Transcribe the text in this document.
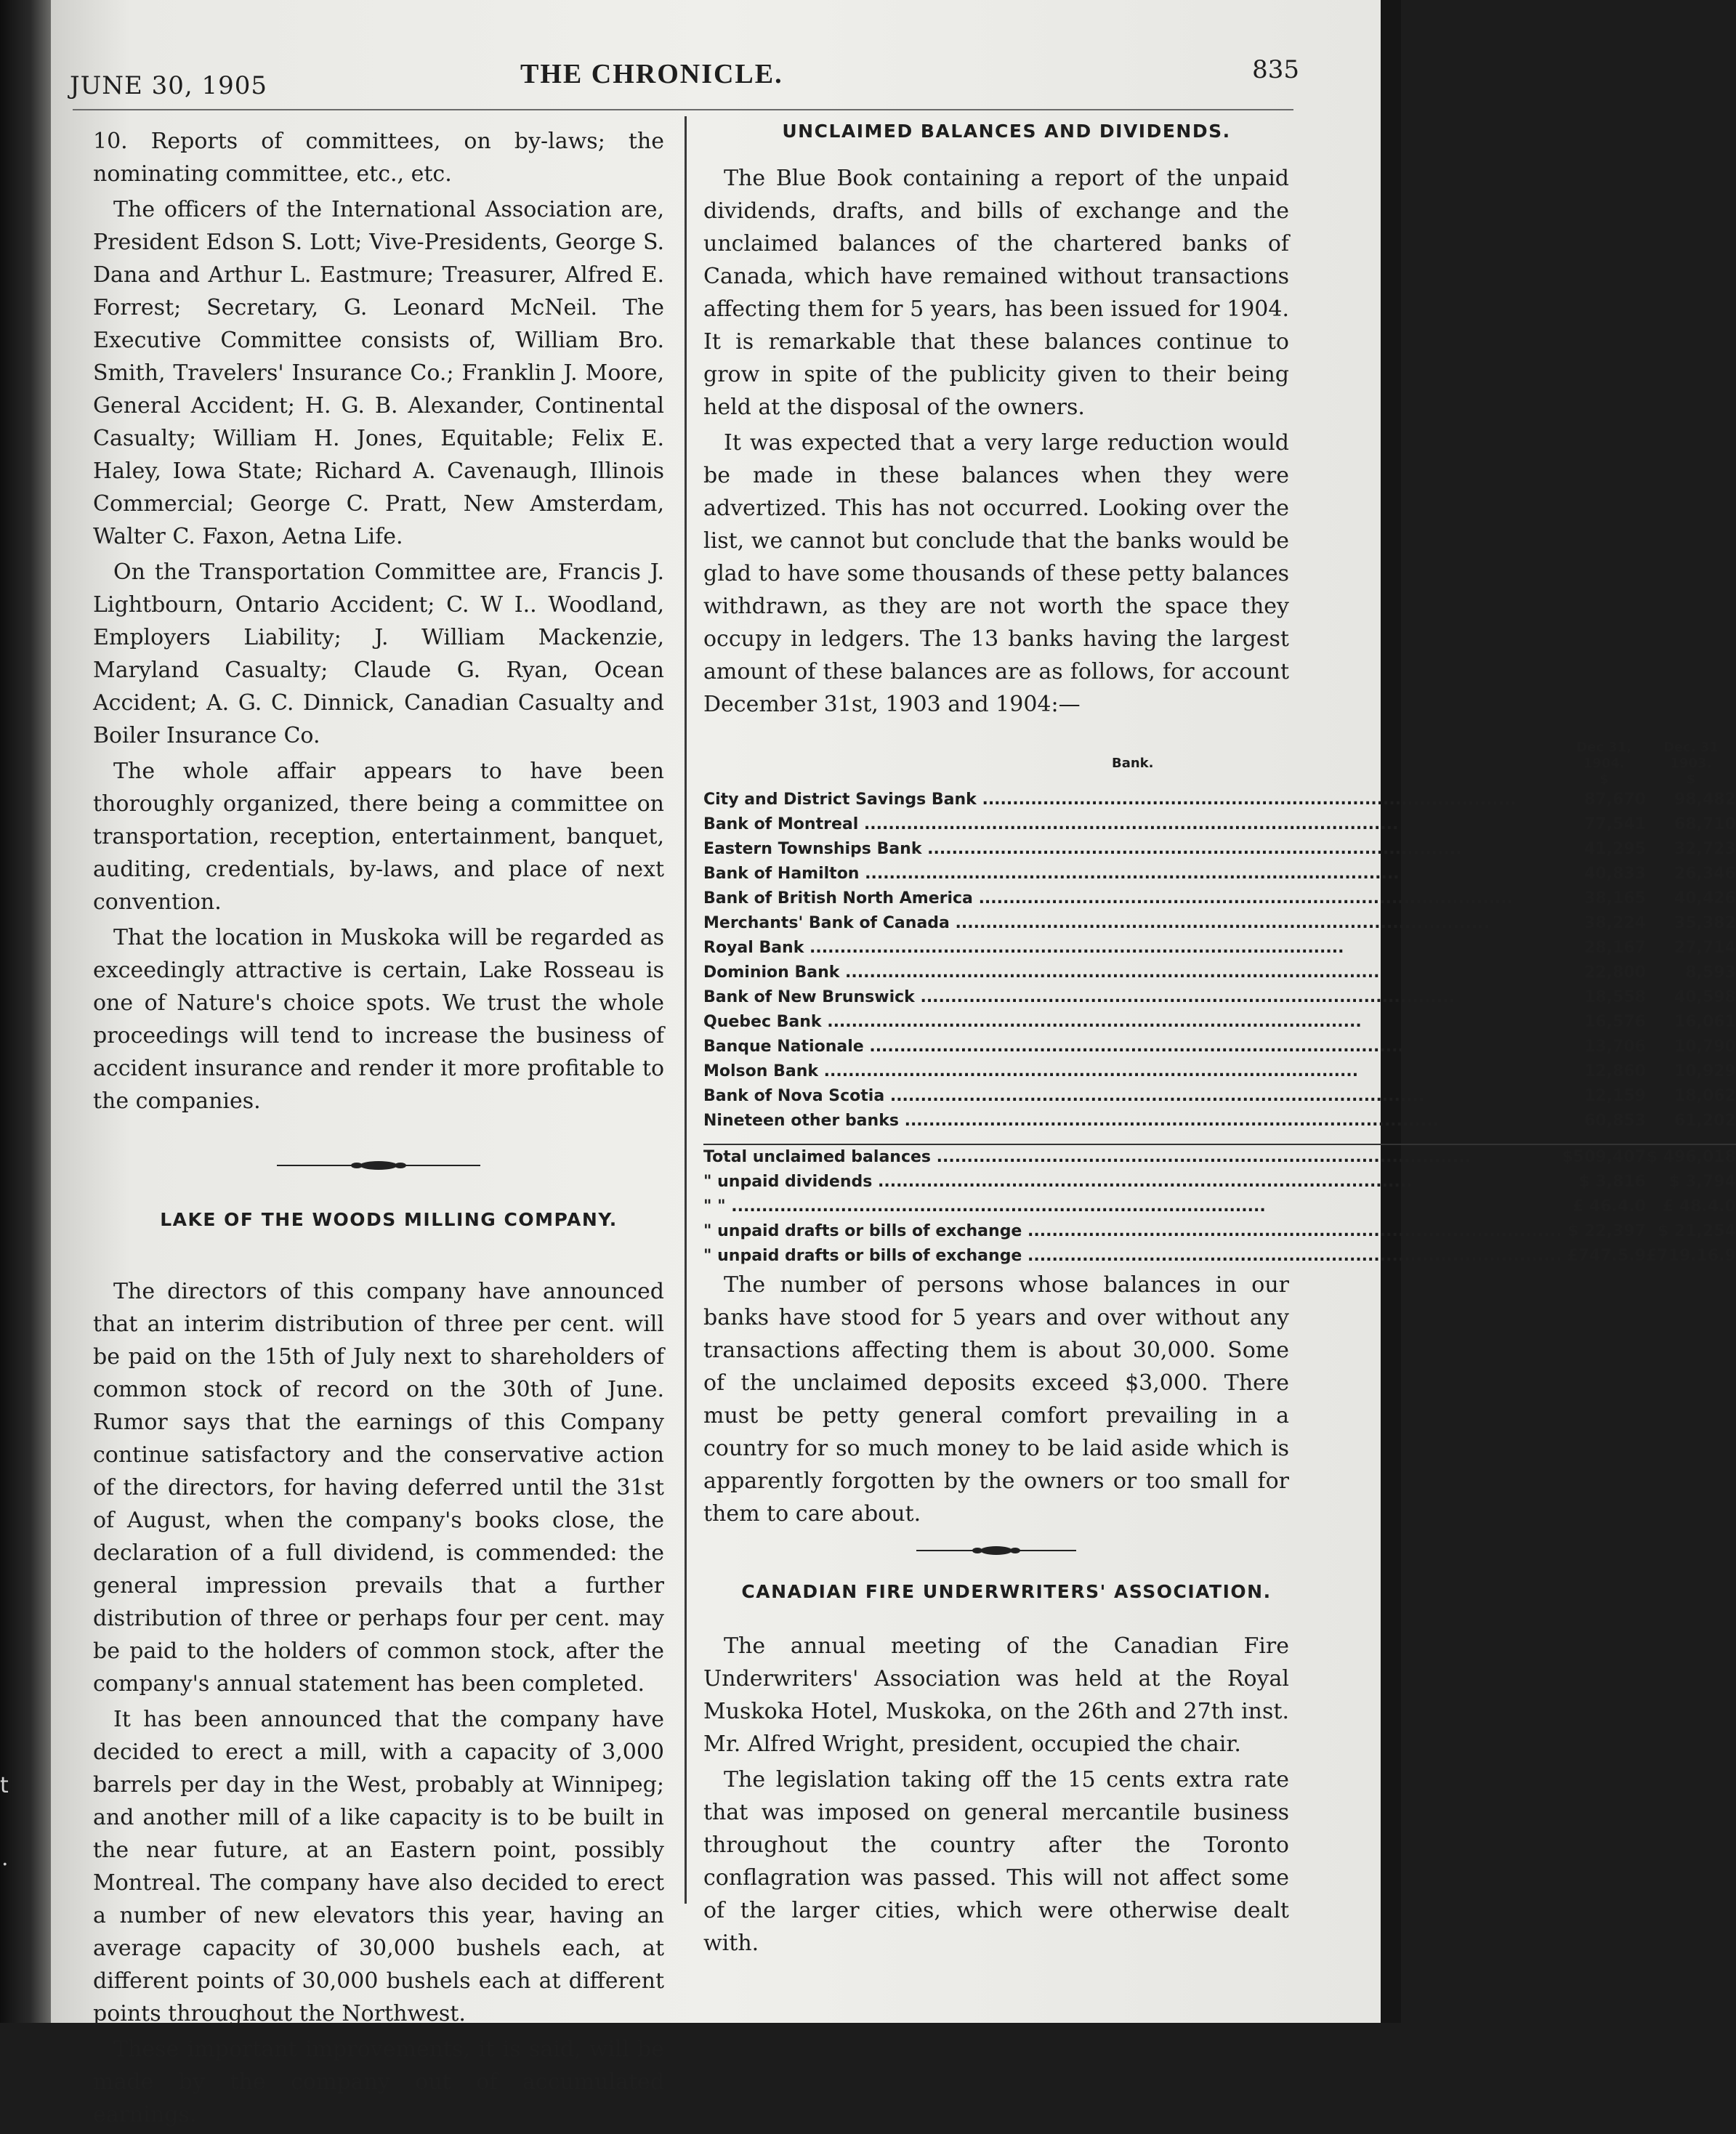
t
.
JUNE 30, 1905	THE CHRONICLE.	835

10. Reports of committees, on by-laws; the nominating committee, etc., etc.

The officers of the International Association are, President Edson S. Lott; Vive-Presidents, George S. Dana and Arthur L. Eastmure; Treasurer, Alfred E. Forrest; Secretary, G. Leonard McNeil. The Executive Committee consists of, William Bro. Smith, Travelers' Insurance Co.; Franklin J. Moore, General Accident; H. G. B. Alexander, Continental Casualty; William H. Jones, Equitable; Felix E. Haley, Iowa State; Richard A. Cavenaugh, Illinois Commercial; George C. Pratt, New Amsterdam, Walter C. Faxon, Aetna Life.

On the Transportation Committee are, Francis J. Lightbourn, Ontario Accident; C. W I.. Woodland, Employers Liability; J. William Mackenzie, Maryland Casualty; Claude G. Ryan, Ocean Accident; A. G. C. Dinnick, Canadian Casualty and Boiler Insurance Co.

The whole affair appears to have been thoroughly organized, there being a committee on transportation, reception, entertainment, banquet, auditing, credentials, by-laws, and place of next convention.

That the location in Muskoka will be regarded as exceedingly attractive is certain, Lake Rosseau is one of Nature's choice spots. We trust the whole proceedings will tend to increase the business of accident insurance and render it more profitable to the companies.

LAKE OF THE WOODS MILLING COMPANY.

The directors of this company have announced that an interim distribution of three per cent. will be paid on the 15th of July next to shareholders of common stock of record on the 30th of June. Rumor says that the earnings of this Company continue satisfactory and the conservative action of the directors, for having deferred until the 31st of August, when the company's books close, the declaration of a full dividend, is commended: the general impression prevails that a further distribution of three or perhaps four per cent. may be paid to the holders of common stock, after the company's annual statement has been completed.

It has been announced that the company have decided to erect a mill, with a capacity of 3,000 barrels per day in the West, probably at Winnipeg; and another mill of a like capacity is to be built in the near future, at an Eastern point, possibly Montreal. The company have also decided to erect a number of new elevators this year, having an average capacity of 30,000 bushels each, at different points of 30,000 bushels each at different points throughout the Northwest.

These important improvements, it is said, will be made by the company out of accumulated earnings.

UNCLAIMED BALANCES AND DIVIDENDS.

The Blue Book containing a report of the unpaid dividends, drafts, and bills of exchange and the unclaimed balances of the chartered banks of Canada, which have remained without transactions affecting them for 5 years, has been issued for 1904. It is remarkable that these balances continue to grow in spite of the publicity given to their being held at the disposal of the owners.

It was expected that a very large reduction would be made in these balances when they were advertized. This has not occurred. Looking over the list, we cannot but conclude that the banks would be glad to have some thousands of these petty balances withdrawn, as they are not worth the space they occupy in ledgers. The 13 banks having the largest amount of these balances are as follows, for account December 31st, 1903 and 1904:—

Bank.	Dec 31, 1904.	Dec. 31 1903.
	$	$
City and District Savings Bank .....	87,670	98,482
Bank of Montreal .....	77,541	68,710
Eastern Townships Bank .....	41,295	32,723
Bank of Hamilton .....	40,833	26,346
Bank of British North America .....	38,165	40,426
Merchants' Bank of Canada .....	38,224	35,382
Royal Bank .....	28,167	27,714
Dominion Bank .....	22,800	8,593
Bank of New Brunswick .....	18,558	40,598
Quebec Bank .....	16,576	16,061
Banque Nationale .....	13,706	10,790
Molson Bank .....	12,860	10,929
Bank of Nova Scotia .....	12,159	18,062
Nineteen other banks .....	60,853	61,202

Total unclaimed balances .....	$509,407	$ 496,018
" unpaid dividends .....	$ 3,816	$ 3,794
" " .....	£ 46.4.0	£ 48.4.0
" unpaid drafts or bills of exchange .....	$ 22,397	$ 21,254
" unpaid drafts or bills of exchange .....	£747.5.9	£719.16.9

The number of persons whose balances in our banks have stood for 5 years and over without any transactions affecting them is about 30,000. Some of the unclaimed deposits exceed $3,000. There must be petty general comfort prevailing in a country for so much money to be laid aside which is apparently forgotten by the owners or too small for them to care about.

CANADIAN FIRE UNDERWRITERS' ASSOCIATION.

The annual meeting of the Canadian Fire Underwriters' Association was held at the Royal Muskoka Hotel, Muskoka, on the 26th and 27th inst. Mr. Alfred Wright, president, occupied the chair.

The legislation taking off the 15 cents extra rate that was imposed on general mercantile business throughout the country after the Toronto conflagration was passed. This will not affect some of the larger cities, which were otherwise dealt with.
